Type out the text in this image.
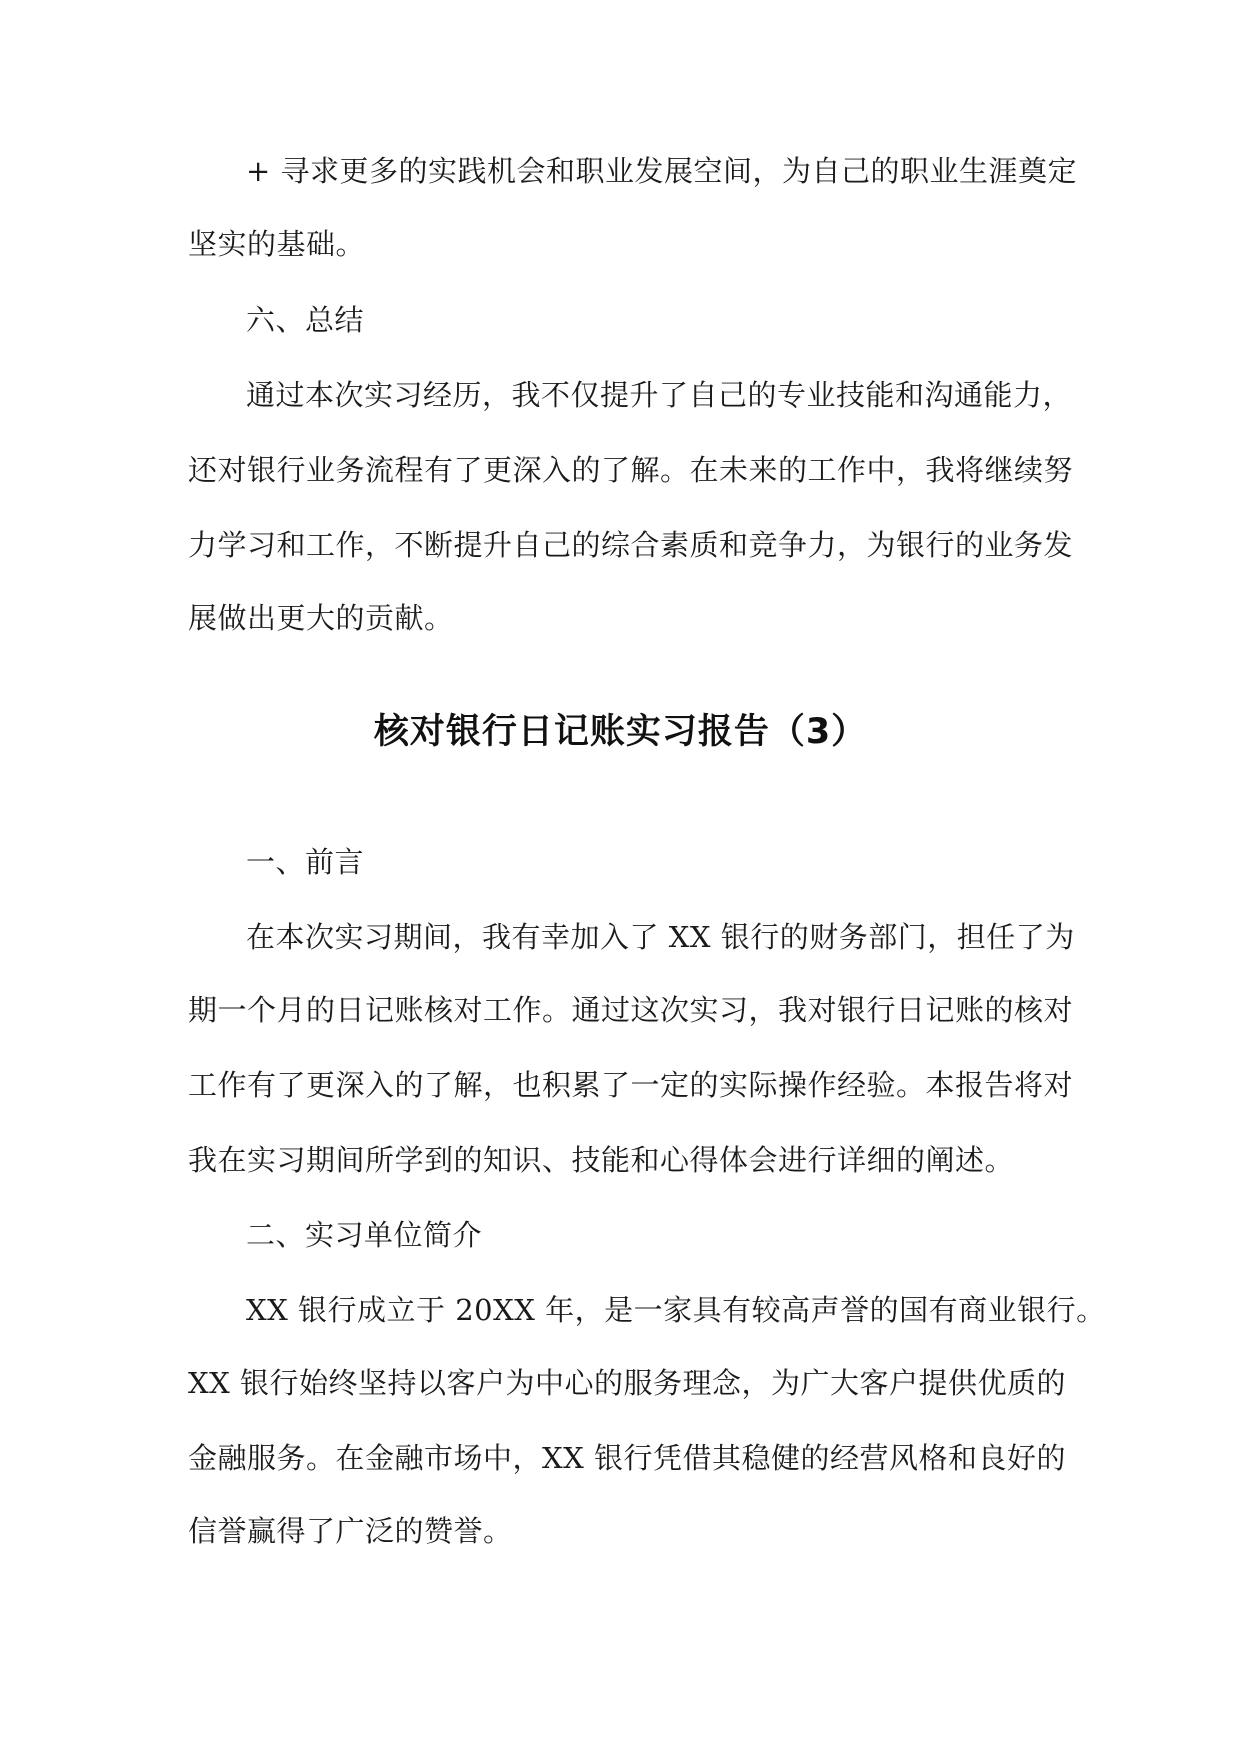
+ 寻求更多的实践机会和职业发展空间，为自己的职业生涯奠定
坚实的基础。
六、总结
通过本次实习经历，我不仅提升了自己的专业技能和沟通能力，
还对银行业务流程有了更深入的了解。在未来的工作中，我将继续努
力学习和工作，不断提升自己的综合素质和竞争力，为银行的业务发
展做出更大的贡献。
核对银行日记账实习报告（3）
一、前言
在本次实习期间，我有幸加入了 XX 银行的财务部门，担任了为
期一个月的日记账核对工作。通过这次实习，我对银行日记账的核对
工作有了更深入的了解，也积累了一定的实际操作经验。本报告将对
我在实习期间所学到的知识、技能和心得体会进行详细的阐述。
二、实习单位简介
XX 银行成立于 20XX 年，是一家具有较高声誉的国有商业银行。
XX 银行始终坚持以客户为中心的服务理念，为广大客户提供优质的
金融服务。在金融市场中，XX 银行凭借其稳健的经营风格和良好的
信誉赢得了广泛的赞誉。
